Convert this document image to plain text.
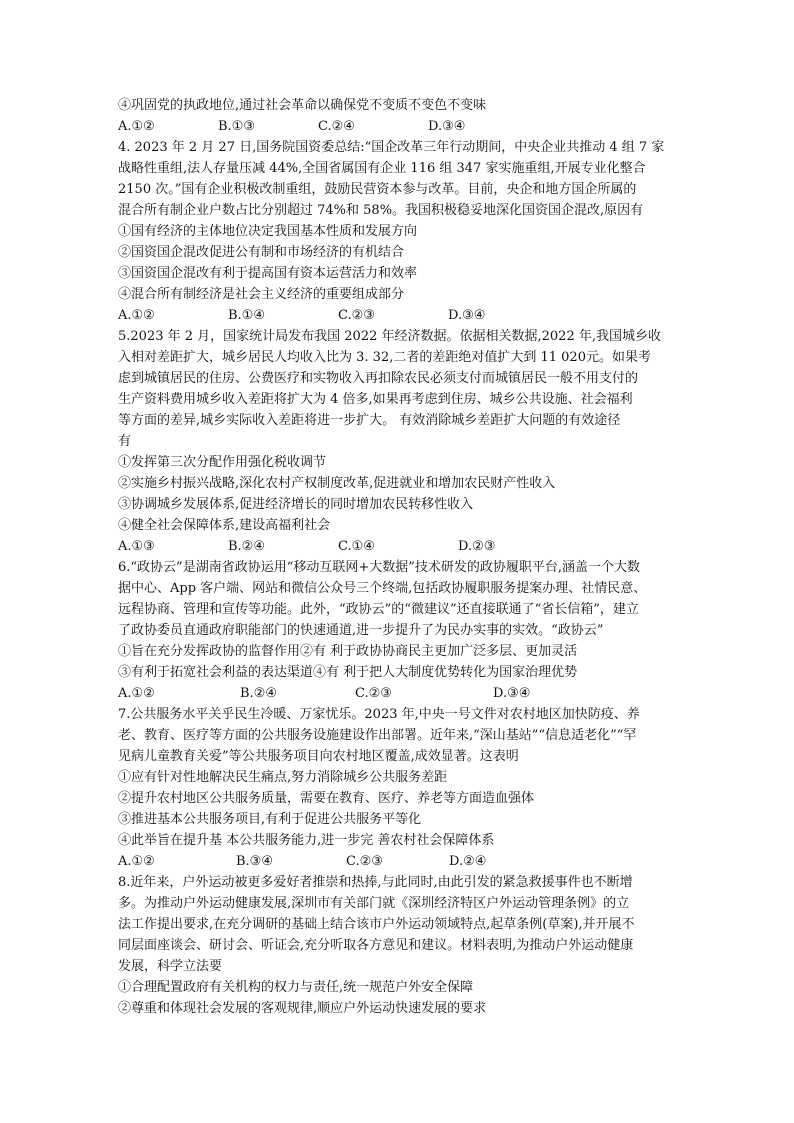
④巩固党的执政地位,通过社会革命以确保党不变质不变色不变味
A.①②	B.①③	C.②④	D.③④
4. 2023 年 2 月 27 日,国务院国资委总结:“国企改革三年行动期间，中央企业共推动 4 组 7 家
战略性重组,法人存量压减 44%,全国省属国有企业 116 组 347 家实施重组,开展专业化整合
2150 次。”国有企业积极改制重组，鼓励民营资本参与改革。目前，央企和地方国企所属的
混合所有制企业户数占比分别超过 74%和 58%。我国积极稳妥地深化国资国企混改,原因有
①国有经济的主体地位决定我国基本性质和发展方向
②国资国企混改促进公有制和市场经济的有机结合
③国资国企混改有利于提高国有资本运营活力和效率
④混合所有制经济是社会主义经济的重要组成部分
A.①②	B.①④	C.②③	D.③④
5.2023 年 2 月，国家统计局发布我国 2022 年经济数据。依据相关数据,2022 年,我国城乡收
入相对差距扩大，城乡居民人均收入比为 3. 32,二者的差距绝对值扩大到 11 020元。如果考
虑到城镇居民的住房、公费医疗和实物收入再扣除农民必须支付而城镇居民一般不用支付的
生产资料费用城乡收入差距将扩大为 4 倍多,如果再考虑到住房、城乡公共设施、社会福利
等方面的差异,城乡实际收入差距将进一步扩大。 有效消除城乡差距扩大问题的有效途径
有
①发挥第三次分配作用强化税收调节
②实施乡村振兴战略,深化农村产权制度改革,促进就业和增加农民财产性收入
③协调城乡发展体系,促进经济增长的同时增加农民转移性收入
④健全社会保障体系,建设高福利社会
A.①③	B.②④	C.①④	D.②③
6.“政协云”是湖南省政协运用“移动互联网+大数据”技术研发的政协履职平台,涵盖一个大数
据中心、App 客户端、网站和微信公众号三个终端,包括政协履职服务提案办理、社情民意、
远程协商、管理和宣传等功能。此外，“政协云”的“微建议”还直接联通了“省长信箱”，建立
了政协委员直通政府职能部门的快速通道,进一步提升了为民办实事的实效。“政协云”
①旨在充分发挥政协的监督作用②有 利于政协协商民主更加广泛多层、更加灵活
③有利于拓宽社会利益的表达渠道④有 利于把人大制度优势转化为国家治理优势
A.①②	B.②④	C.②③	D.③④
7.公共服务水平关乎民生冷暖、万家忧乐。2023 年,中央一号文件对农村地区加快防疫、养
老、教育、医疗等方面的公共服务设施建设作出部署。近年来,“深山基站”“信息适老化”“罕
见病儿童教育关爱”等公共服务项目向农村地区覆盖,成效显著。这表明
①应有针对性地解决民生痛点,努力消除城乡公共服务差距
②提升农村地区公共服务质量，需要在教育、医疗、养老等方面造血强体
③推进基本公共服务项目,有利于促进公共服务平等化
④此举旨在提升基 本公共服务能力,进一步完 善农村社会保障体系
A.①②	B.③④	C.②③	D.②④
8.近年来，户外运动被更多爱好者推崇和热捧,与此同时,由此引发的紧急救援事件也不断增
多。为推动户外运动健康发展,深圳市有关部门就《深圳经济特区户外运动管理条例》的立
法工作提出要求,在充分调研的基础上结合该市户外运动领域特点,起草条例(草案),并开展不
同层面座谈会、研讨会、听证会,充分听取各方意见和建议。材料表明,为推动户外运动健康
发展，科学立法要
①合理配置政府有关机构的权力与责任,统一规范户外安全保障
②尊重和体现社会发展的客观规律,顺应户外运动快速发展的要求
